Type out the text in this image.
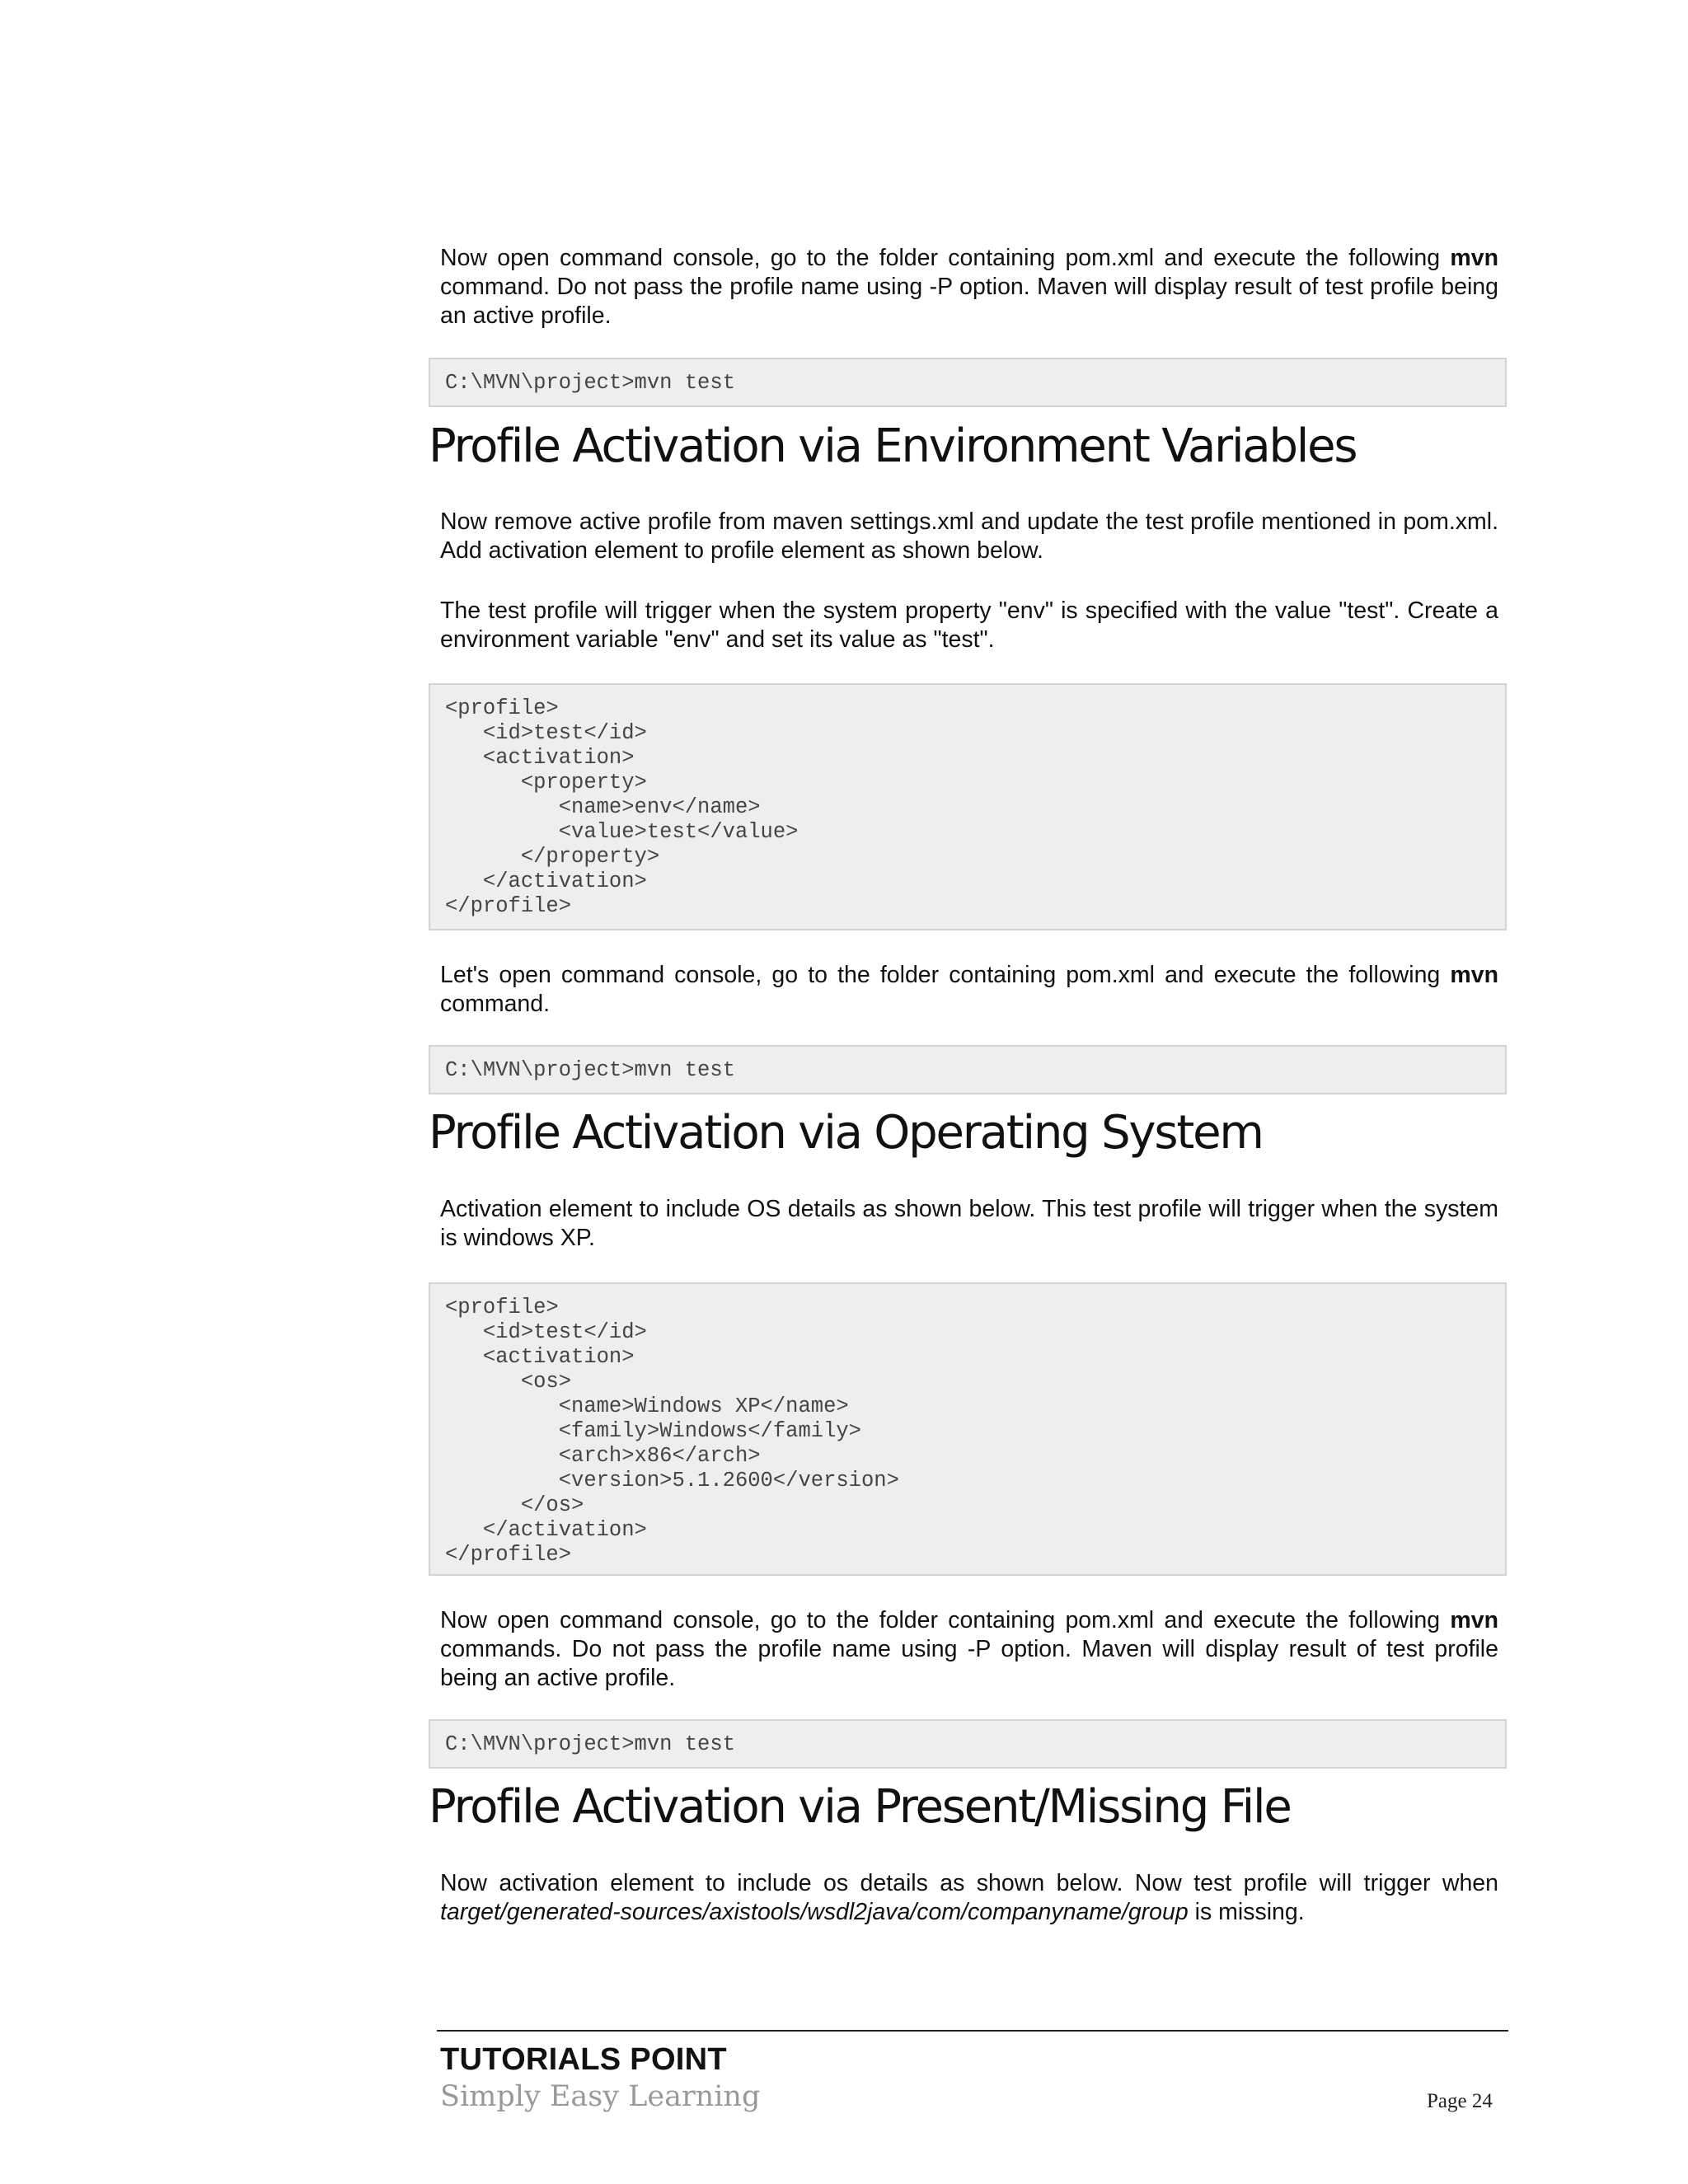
Now open command console, go to the folder containing pom.xml and execute the following mvn command. Do not pass the profile name using -P option. Maven will display result of test profile being an active profile.

C:\MVN\project>mvn test
Profile Activation via Environment Variables

Now remove active profile from maven settings.xml and update the test profile mentioned in pom.xml. Add activation element to profile element as shown below.

The test profile will trigger when the system property "env" is specified with the value "test". Create a environment variable "env" and set its value as "test".

<profile>
<id>test</id>
<activation>
<property>
<name>env</name>
<value>test</value>
</property>
</activation>
</profile>

Let's open command console, go to the folder containing pom.xml and execute the following mvn command.

C:\MVN\project>mvn test
Profile Activation via Operating System

Activation element to include OS details as shown below. This test profile will trigger when the system is windows XP.

<profile>
<id>test</id>
<activation>
<os>
<name>Windows XP</name>
<family>Windows</family>
<arch>x86</arch>
<version>5.1.2600</version>
</os>
</activation>
</profile>

Now open command console, go to the folder containing pom.xml and execute the following mvn commands. Do not pass the profile name using -P option. Maven will display result of test profile being an active profile.

C:\MVN\project>mvn test
Profile Activation via Present/Missing File

Now activation element to include os details as shown below. Now test profile will trigger when target/generated-sources/axistools/wsdl2java/com/companyname/group is missing.

TUTORIALS POINT
Simply Easy Learning	Page 24
